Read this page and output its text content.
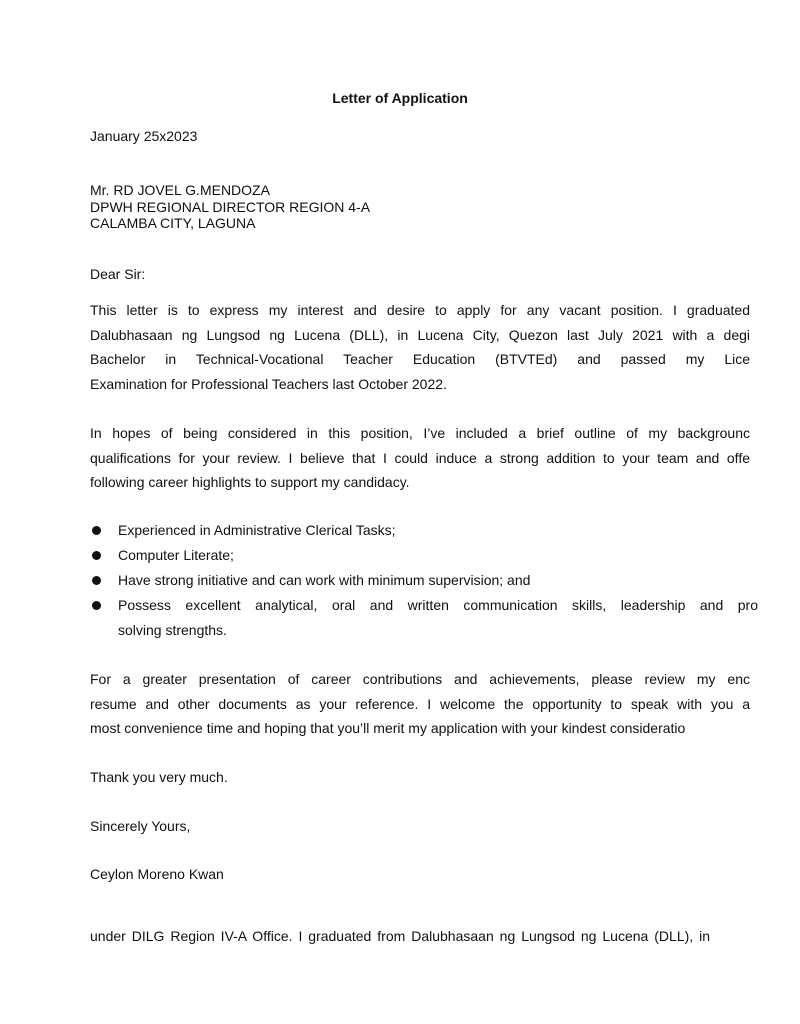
Letter of Application
January 25x2023
Mr. RD JOVEL G.MENDOZA
DPWH REGIONAL DIRECTOR REGION 4-A
CALAMBA CITY, LAGUNA
Dear Sir:
This letter is to express my interest and desire to apply for any vacant position. I graduated
Dalubhasaan ng Lungsod ng Lucena (DLL), in Lucena City, Quezon last July 2021 with a degi
Bachelor in Technical-Vocational Teacher Education (BTVTEd) and passed my Lice
Examination for Professional Teachers last October 2022.
In hopes of being considered in this position, I’ve included a brief outline of my backgrounc
qualifications for your review. I believe that I could induce a strong addition to your team and offe
following career highlights to support my candidacy.
Experienced in Administrative Clerical Tasks;
Computer Literate;
Have strong initiative and can work with minimum supervision; and
Possess excellent analytical, oral and written communication skills, leadership and pro
solving strengths.
For a greater presentation of career contributions and achievements, please review my enc
resume and other documents as your reference. I welcome the opportunity to speak with you a
most convenience time and hoping that you’ll merit my application with your kindest consideratio
Thank you very much.
Sincerely Yours,
Ceylon Moreno Kwan
under DILG Region IV-A Office. I graduated from Dalubhasaan ng Lungsod ng Lucena (DLL), in
